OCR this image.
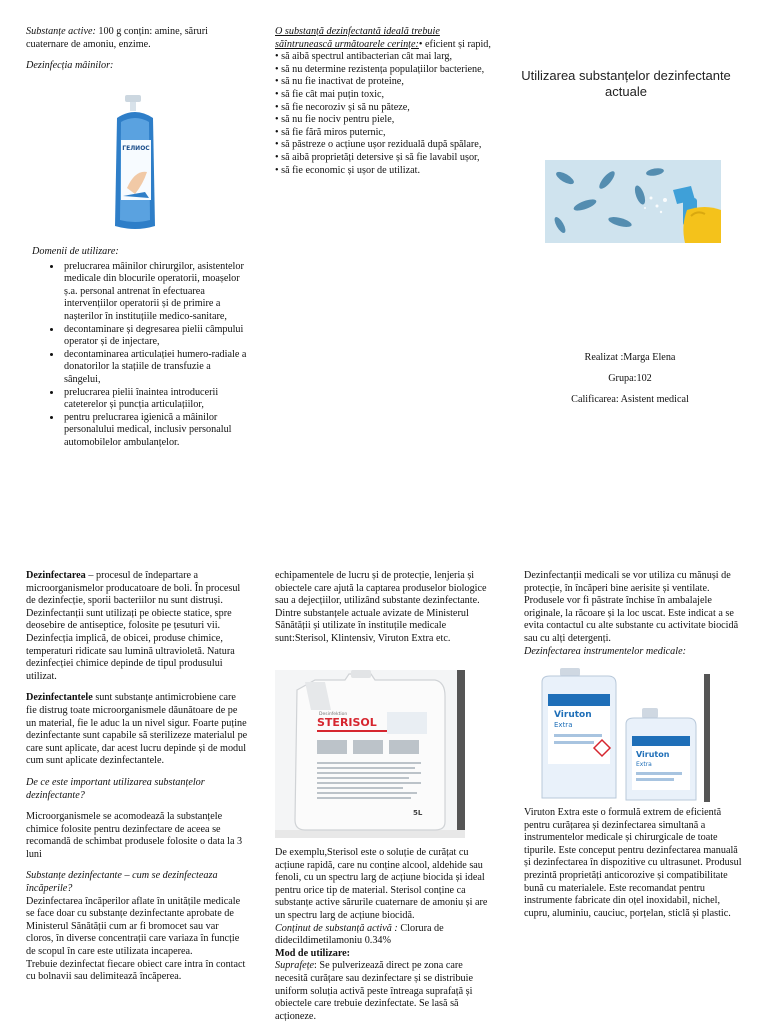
Substanțe active: 100 g conțin: amine, săruri cuaternare de amoniu, enzime.

Dezinfecția mâinilor:

ГЕЛИОС

Domenii de utilizare:

• prelucrarea mâinilor chirurgilor, asistentelor medicale din blocurile operatorii, moașelor ș.a. personal antrenat în efectuarea intervențiilor operatorii și de primire a nașterilor în instituțiile medico-sanitare,
• decontaminare și degresarea pielii câmpului operator și de injectare,
• decontaminarea articulației humero-radiale a donatorilor la stațiile de transfuzie a sângelui,
• prelucrarea pielii înaintea introducerii cateterelor și puncția articulațiilor,
• pentru prelucrarea igienică a mâinilor personalului medical, inclusiv personalul automobilelor ambulanțelor.

O substanță dezinfectantă ideală trebuie săîntrunească următoarele cerințe:• eficient și rapid,

• să aibă spectrul antibacterian cât mai larg,

• să nu determine rezistența populațiilor bacteriene,

• să nu fie inactivat de proteine,

• să fie cât mai puțin toxic,

• să fie necoroziv și să nu păteze,

• să nu fie nociv pentru piele,

• să fie fără miros puternic,

• să păstreze o acțiune ușor reziduală după spălare,

• să aibă proprietăți detersive și să fie lavabil ușor,

• să fie economic și ușor de utilizat.

Utilizarea substanțelor dezinfectante actuale
Realizat :Marga Elena
Grupa:102
Calificarea: Asistent medical

Dezinfectarea – procesul de îndepartare a microorganismelor producatoare de boli. În procesul de dezinfecție, sporii bacteriilor nu sunt distruși. Dezinfectanții sunt utilizați pe obiecte statice, spre deosebire de antiseptice, folosite pe țesuturi vii. Dezinfecția implică, de obicei, produse chimice, temperaturi ridicate sau lumină ultravioletă. Natura dezinfecției chimice depinde de tipul produsului utilizat.

Dezinfectantele sunt substanțe antimicrobiene care fie distrug toate microorganismele dăunătoare de pe un material, fie le aduc la un nivel sigur. Foarte puține dezinfectante sunt capabile să sterilizeze materialul pe care sunt aplicate, dar acest lucru depinde și de modul cum sunt aplicate dezinfectantele.

De ce este important utilizarea substanțelor dezinfectante?

Microorganismele se acomodează la substanțele chimice folosite pentru dezinfectare de aceea se recomandă de schimbat produsele folosite o data la 3 luni

Substanțe dezinfectante – cum se dezinfecteaza încăperile?

Dezinfectarea încăperilor aflate în unitățile medicale se face doar cu substanțe dezinfectante aprobate de Ministerul Sănătății cum ar fi bromocet sau var cloros, în diverse concentrații care variaza în funcție de scopul în care este utilizata incaperea.

Trebuie dezinfectat fiecare obiect care intra în contact cu bolnavii sau delimitează încăperea.

echipamentele de lucru și de protecție, lenjeria și obiectele care ajută la captarea produselor biologice sau a dejecțiilor, utilizând substante dezinfectante.

Dintre substanțele actuale avizate de Ministerul Sănătății și utilizate în instituțile medicale sunt:Sterisol, Klintensiv, Viruton Extra etc.

Desinfektion
STERISOL
5L

De exemplu,Sterisol este o soluție de curățat cu acțiune rapidă, care nu conține alcool, aldehide sau fenoli, cu un spectru larg de acțiune biocida și ideal pentru orice tip de material. Sterisol conține ca substanțe active sărurile cuaternare de amoniu și are un spectru larg de acțiune biocidă.

Conținut de substanță activă : Clorura de didecildimetilamoniu 0.34%

Mod de utilizare:

Suprafețe: Se pulverizează direct pe zona care necesită curățare sau dezinfectare și se distribuie uniform soluția activă peste întreaga suprafață și obiectele care trebuie dezinfectate. Se lasă să acționeze.

Dezinfectanții medicali se vor utiliza cu mănuși de protecție, în încăperi bine aerisite și ventilate. Produsele vor fi păstrate închise în ambalajele originale, la răcoare și la loc uscat. Este indicat a se evita contactul cu alte substante cu activitate biocidă sau cu alți detergenți.

Dezinfectarea instrumentelor medicale:

Viruton
Extra
Viruton
Extra

Viruton Extra este o formulă extrem de eficientă pentru curățarea și dezinfectarea simultană a instrumentelor medicale și chirurgicale de toate tipurile. Este conceput pentru dezinfectarea manuală și dezinfectarea în dispozitive cu ultrasunet. Produsul prezintă proprietăți anticorozive și compatibilitate bună cu materialele. Este recomandat pentru instrumente fabricate din oțel inoxidabil, nichel, cupru, aluminiu, cauciuc, porțelan, sticlă și plastic.
